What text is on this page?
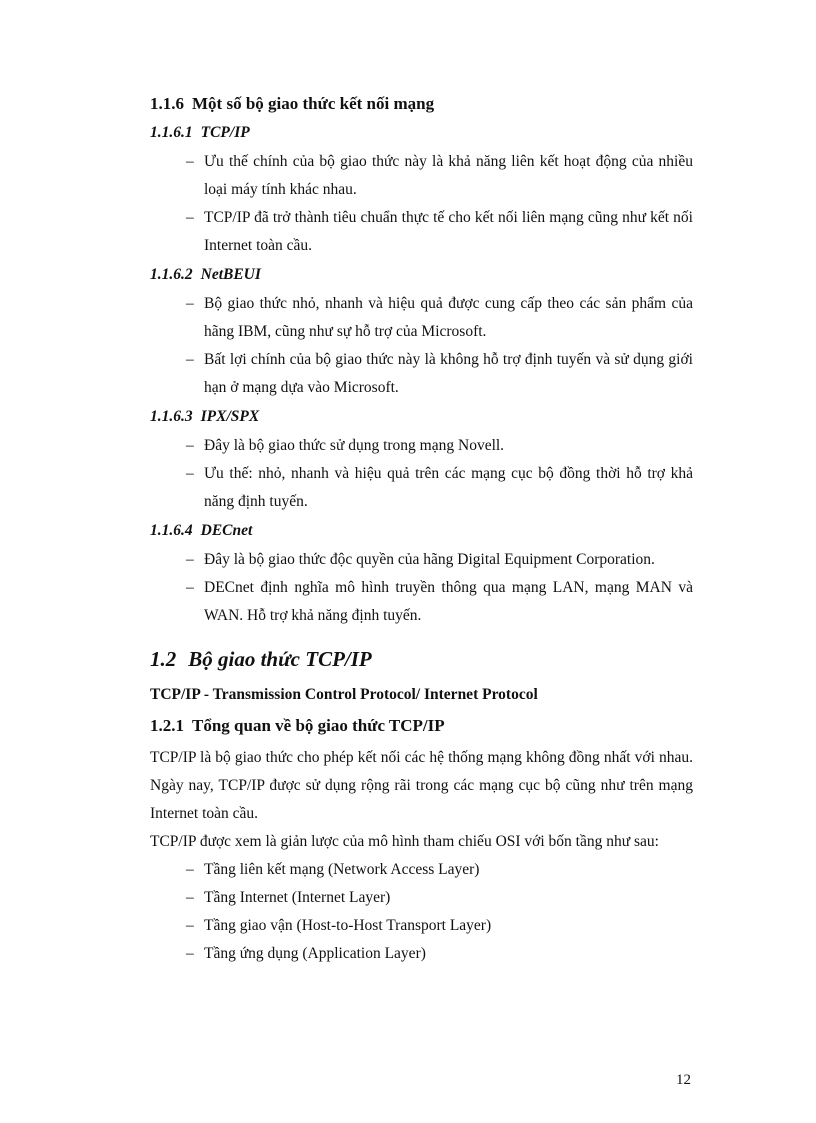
1.1.6 Một số bộ giao thức kết nối mạng
1.1.6.1 TCP/IP
– Ưu thế chính của bộ giao thức này là khả năng liên kết hoạt động của nhiều loại máy tính khác nhau.
– TCP/IP đã trở thành tiêu chuẩn thực tế cho kết nối liên mạng cũng như kết nối Internet toàn cầu.
1.1.6.2 NetBEUI
– Bộ giao thức nhỏ, nhanh và hiệu quả được cung cấp theo các sản phẩm của hãng IBM, cũng như sự hỗ trợ của Microsoft.
– Bất lợi chính của bộ giao thức này là không hỗ trợ định tuyến và sử dụng giới hạn ở mạng dựa vào Microsoft.
1.1.6.3 IPX/SPX
– Đây là bộ giao thức sử dụng trong mạng Novell.
– Ưu thế: nhỏ, nhanh và hiệu quả trên các mạng cục bộ đồng thời hỗ trợ khả năng định tuyến.
1.1.6.4 DECnet
– Đây là bộ giao thức độc quyền của hãng Digital Equipment Corporation.
– DECnet định nghĩa mô hình truyền thông qua mạng LAN, mạng MAN và WAN. Hỗ trợ khả năng định tuyến.
1.2 Bộ giao thức TCP/IP
TCP/IP - Transmission Control Protocol/ Internet Protocol
1.2.1 Tổng quan về bộ giao thức TCP/IP

TCP/IP là bộ giao thức cho phép kết nối các hệ thống mạng không đồng nhất với nhau. Ngày nay, TCP/IP được sử dụng rộng rãi trong các mạng cục bộ cũng như trên mạng Internet toàn cầu.

TCP/IP được xem là giản lược của mô hình tham chiếu OSI với bốn tầng như sau:

– Tầng liên kết mạng (Network Access Layer)
– Tầng Internet (Internet Layer)
– Tầng giao vận (Host-to-Host Transport Layer)
– Tầng ứng dụng (Application Layer)
12
